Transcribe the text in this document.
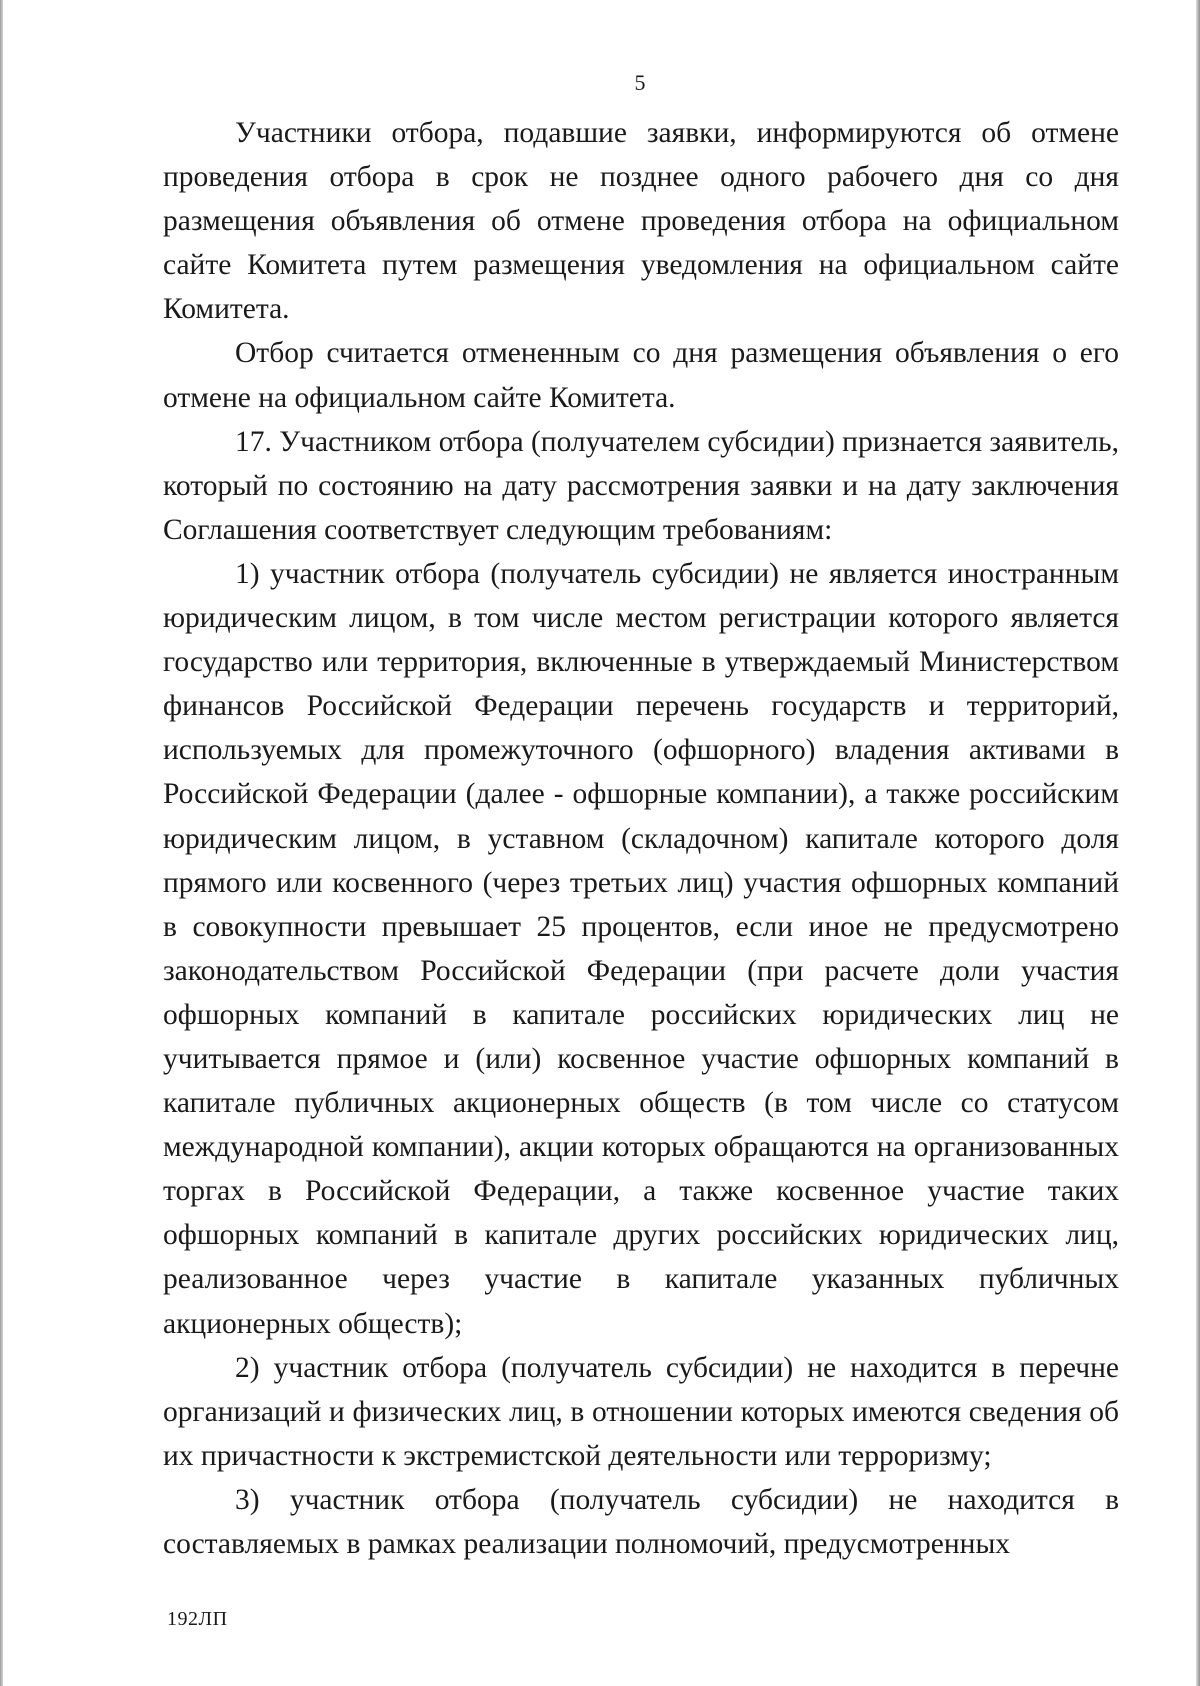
5

Участники отбора, подавшие заявки, информируются об отмене проведения отбора в срок не позднее одного рабочего дня со дня размещения объявления об отмене проведения отбора на официальном сайте Комитета путем размещения уведомления на официальном сайте Комитета.

Отбор считается отмененным со дня размещения объявления о его отмене на официальном сайте Комитета.

17. Участником отбора (получателем субсидии) признается заявитель, который по состоянию на дату рассмотрения заявки и на дату заключения Соглашения соответствует следующим требованиям:

1) участник отбора (получатель субсидии) не является иностранным юридическим лицом, в том числе местом регистрации которого является государство или территория, включенные в утверждаемый Министерством финансов Российской Федерации перечень государств и территорий, используемых для промежуточного (офшорного) владения активами в Российской Федерации (далее - офшорные компании), а также российским юридическим лицом, в уставном (складочном) капитале которого доля прямого или косвенного (через третьих лиц) участия офшорных компаний в совокупности превышает 25 процентов, если иное не предусмотрено законодательством Российской Федерации (при расчете доли участия офшорных компаний в капитале российских юридических лиц не учитывается прямое и (или) косвенное участие офшорных компаний в капитале публичных акционерных обществ (в том числе со статусом международной компании), акции которых обращаются на организованных торгах в Российской Федерации, а также косвенное участие таких офшорных компаний в капитале других российских юридических лиц, реализованное через участие в капитале указанных публичных акционерных обществ);

2) участник отбора (получатель субсидии) не находится в перечне организаций и физических лиц, в отношении которых имеются сведения об их причастности к экстремистской деятельности или терроризму;

3) участник отбора (получатель субсидии) не находится в составляемых в рамках реализации полномочий, предусмотренных

192ЛП
